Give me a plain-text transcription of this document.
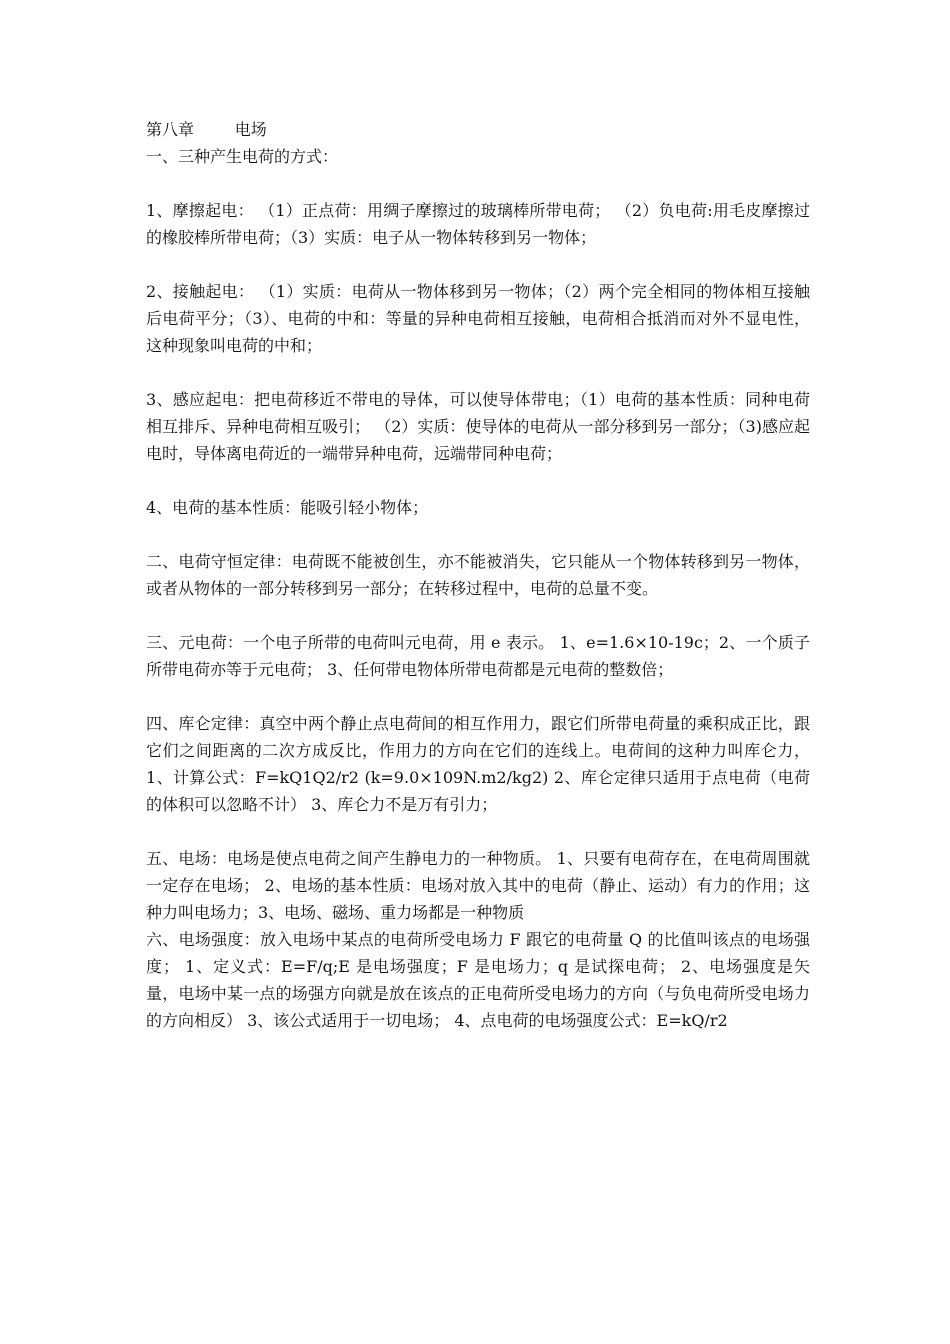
第八章        电场

一、三种产生电荷的方式：

1、摩擦起电： （1）正点荷：用绸子摩擦过的玻璃棒所带电荷； （2）负电荷:用毛皮摩擦过的橡胶棒所带电荷；（3）实质：电子从一物体转移到另一物体；

2、接触起电： （1）实质：电荷从一物体移到另一物体；（2）两个完全相同的物体相互接触后电荷平分；（3）、电荷的中和：等量的异种电荷相互接触，电荷相合抵消而对外不显电性，这种现象叫电荷的中和；

3、感应起电：把电荷移近不带电的导体，可以使导体带电；（1）电荷的基本性质：同种电荷相互排斥、异种电荷相互吸引； （2）实质：使导体的电荷从一部分移到另一部分；（3)感应起电时，导体离电荷近的一端带异种电荷，远端带同种电荷；

4、电荷的基本性质：能吸引轻小物体；

二、电荷守恒定律：电荷既不能被创生，亦不能被消失，它只能从一个物体转移到另一物体，或者从物体的一部分转移到另一部分；在转移过程中，电荷的总量不变。

三、元电荷：一个电子所带的电荷叫元电荷，用 e 表示。 1、e=1.6×10-19c；2、一个质子所带电荷亦等于元电荷； 3、任何带电物体所带电荷都是元电荷的整数倍；

四、库仑定律：真空中两个静止点电荷间的相互作用力，跟它们所带电荷量的乘积成正比，跟它们之间距离的二次方成反比，作用力的方向在它们的连线上。电荷间的这种力叫库仑力， 1、计算公式：F=kQ1Q2/r2 (k=9.0×109N.m2/kg2) 2、库仑定律只适用于点电荷（电荷的体积可以忽略不计） 3、库仑力不是万有引力；

五、电场：电场是使点电荷之间产生静电力的一种物质。 1、只要有电荷存在，在电荷周围就一定存在电场； 2、电场的基本性质：电场对放入其中的电荷（静止、运动）有力的作用；这种力叫电场力；3、电场、磁场、重力场都是一种物质

六、电场强度：放入电场中某点的电荷所受电场力 F 跟它的电荷量 Q 的比值叫该点的电场强度； 1、定义式：E=F/q;E 是电场强度；F 是电场力；q 是试探电荷； 2、电场强度是矢量，电场中某一点的场强方向就是放在该点的正电荷所受电场力的方向（与负电荷所受电场力的方向相反） 3、该公式适用于一切电场； 4、点电荷的电场强度公式：E=kQ/r2
